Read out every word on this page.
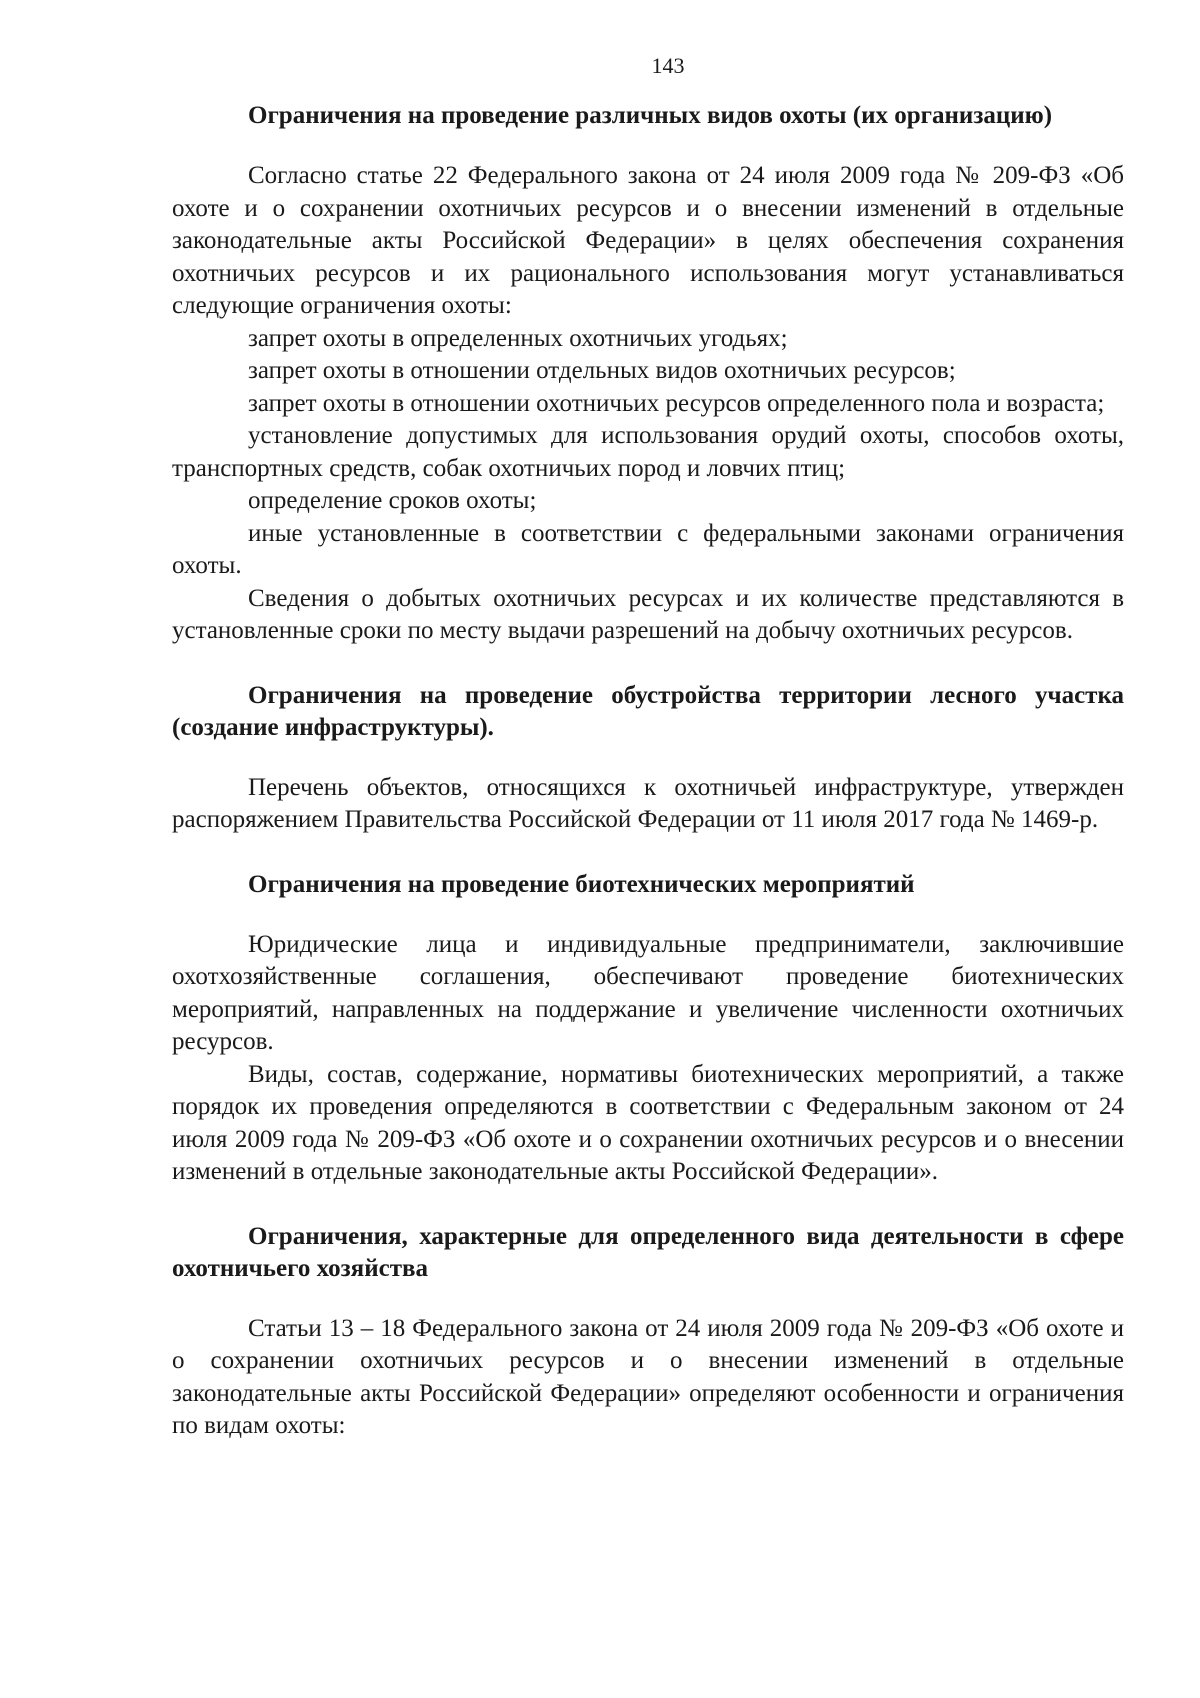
143

Ограничения на проведение различных видов охоты (их организацию)

Согласно статье 22 Федерального закона от 24 июля 2009 года № 209-ФЗ «Об охоте и о сохранении охотничьих ресурсов и о внесении изменений в отдельные законодательные акты Российской Федерации» в целях обеспечения сохранения охотничьих ресурсов и их рационального использования могут устанавливаться следующие ограничения охоты:

запрет охоты в определенных охотничьих угодьях;

запрет охоты в отношении отдельных видов охотничьих ресурсов;

запрет охоты в отношении охотничьих ресурсов определенного пола и возраста;

установление допустимых для использования орудий охоты, способов охоты, транспортных средств, собак охотничьих пород и ловчих птиц;

определение сроков охоты;

иные установленные в соответствии с федеральными законами ограничения охоты.

Сведения о добытых охотничьих ресурсах и их количестве представляются в установленные сроки по месту выдачи разрешений на добычу охотничьих ресурсов.

Ограничения на проведение обустройства территории лесного участка (создание инфраструктуры).

Перечень объектов, относящихся к охотничьей инфраструктуре, утвержден распоряжением Правительства Российской Федерации от 11 июля 2017 года № 1469-р.

Ограничения на проведение биотехнических мероприятий

Юридические лица и индивидуальные предприниматели, заключившие охотхозяйственные соглашения, обеспечивают проведение биотехнических мероприятий, направленных на поддержание и увеличение численности охотничьих ресурсов.

Виды, состав, содержание, нормативы биотехнических мероприятий, а также порядок их проведения определяются в соответствии с Федеральным законом от 24 июля 2009 года № 209-ФЗ «Об охоте и о сохранении охотничьих ресурсов и о внесении изменений в отдельные законодательные акты Российской Федерации».

Ограничения, характерные для определенного вида деятельности в сфере охотничьего хозяйства

Статьи 13 – 18 Федерального закона от 24 июля 2009 года № 209-ФЗ «Об охоте и о сохранении охотничьих ресурсов и о внесении изменений в отдельные законодательные акты Российской Федерации» определяют особенности и ограничения по видам охоты:
